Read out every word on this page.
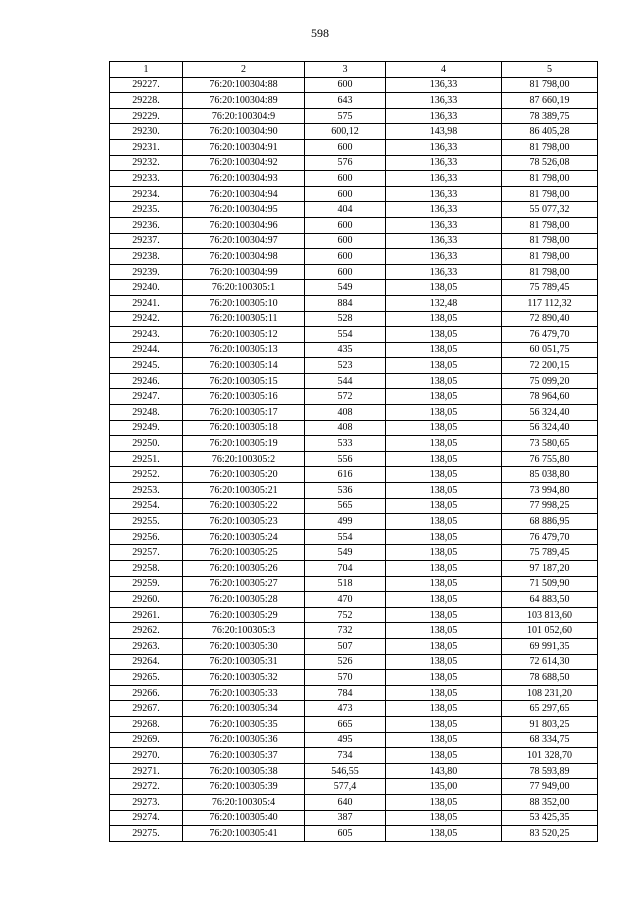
598
1	2	3	4	5
29227.	76:20:100304:88	600	136,33	81 798,00
29228.	76:20:100304:89	643	136,33	87 660,19
29229.	76:20:100304:9	575	136,33	78 389,75
29230.	76:20:100304:90	600,12	143,98	86 405,28
29231.	76:20:100304:91	600	136,33	81 798,00
29232.	76:20:100304:92	576	136,33	78 526,08
29233.	76:20:100304:93	600	136,33	81 798,00
29234.	76:20:100304:94	600	136,33	81 798,00
29235.	76:20:100304:95	404	136,33	55 077,32
29236.	76:20:100304:96	600	136,33	81 798,00
29237.	76:20:100304:97	600	136,33	81 798,00
29238.	76:20:100304:98	600	136,33	81 798,00
29239.	76:20:100304:99	600	136,33	81 798,00
29240.	76:20:100305:1	549	138,05	75 789,45
29241.	76:20:100305:10	884	132,48	117 112,32
29242.	76:20:100305:11	528	138,05	72 890,40
29243.	76:20:100305:12	554	138,05	76 479,70
29244.	76:20:100305:13	435	138,05	60 051,75
29245.	76:20:100305:14	523	138,05	72 200,15
29246.	76:20:100305:15	544	138,05	75 099,20
29247.	76:20:100305:16	572	138,05	78 964,60
29248.	76:20:100305:17	408	138,05	56 324,40
29249.	76:20:100305:18	408	138,05	56 324,40
29250.	76:20:100305:19	533	138,05	73 580,65
29251.	76:20:100305:2	556	138,05	76 755,80
29252.	76:20:100305:20	616	138,05	85 038,80
29253.	76:20:100305:21	536	138,05	73 994,80
29254.	76:20:100305:22	565	138,05	77 998,25
29255.	76:20:100305:23	499	138,05	68 886,95
29256.	76:20:100305:24	554	138,05	76 479,70
29257.	76:20:100305:25	549	138,05	75 789,45
29258.	76:20:100305:26	704	138,05	97 187,20
29259.	76:20:100305:27	518	138,05	71 509,90
29260.	76:20:100305:28	470	138,05	64 883,50
29261.	76:20:100305:29	752	138,05	103 813,60
29262.	76:20:100305:3	732	138,05	101 052,60
29263.	76:20:100305:30	507	138,05	69 991,35
29264.	76:20:100305:31	526	138,05	72 614,30
29265.	76:20:100305:32	570	138,05	78 688,50
29266.	76:20:100305:33	784	138,05	108 231,20
29267.	76:20:100305:34	473	138,05	65 297,65
29268.	76:20:100305:35	665	138,05	91 803,25
29269.	76:20:100305:36	495	138,05	68 334,75
29270.	76:20:100305:37	734	138,05	101 328,70
29271.	76:20:100305:38	546,55	143,80	78 593,89
29272.	76:20:100305:39	577,4	135,00	77 949,00
29273.	76:20:100305:4	640	138,05	88 352,00
29274.	76:20:100305:40	387	138,05	53 425,35
29275.	76:20:100305:41	605	138,05	83 520,25
